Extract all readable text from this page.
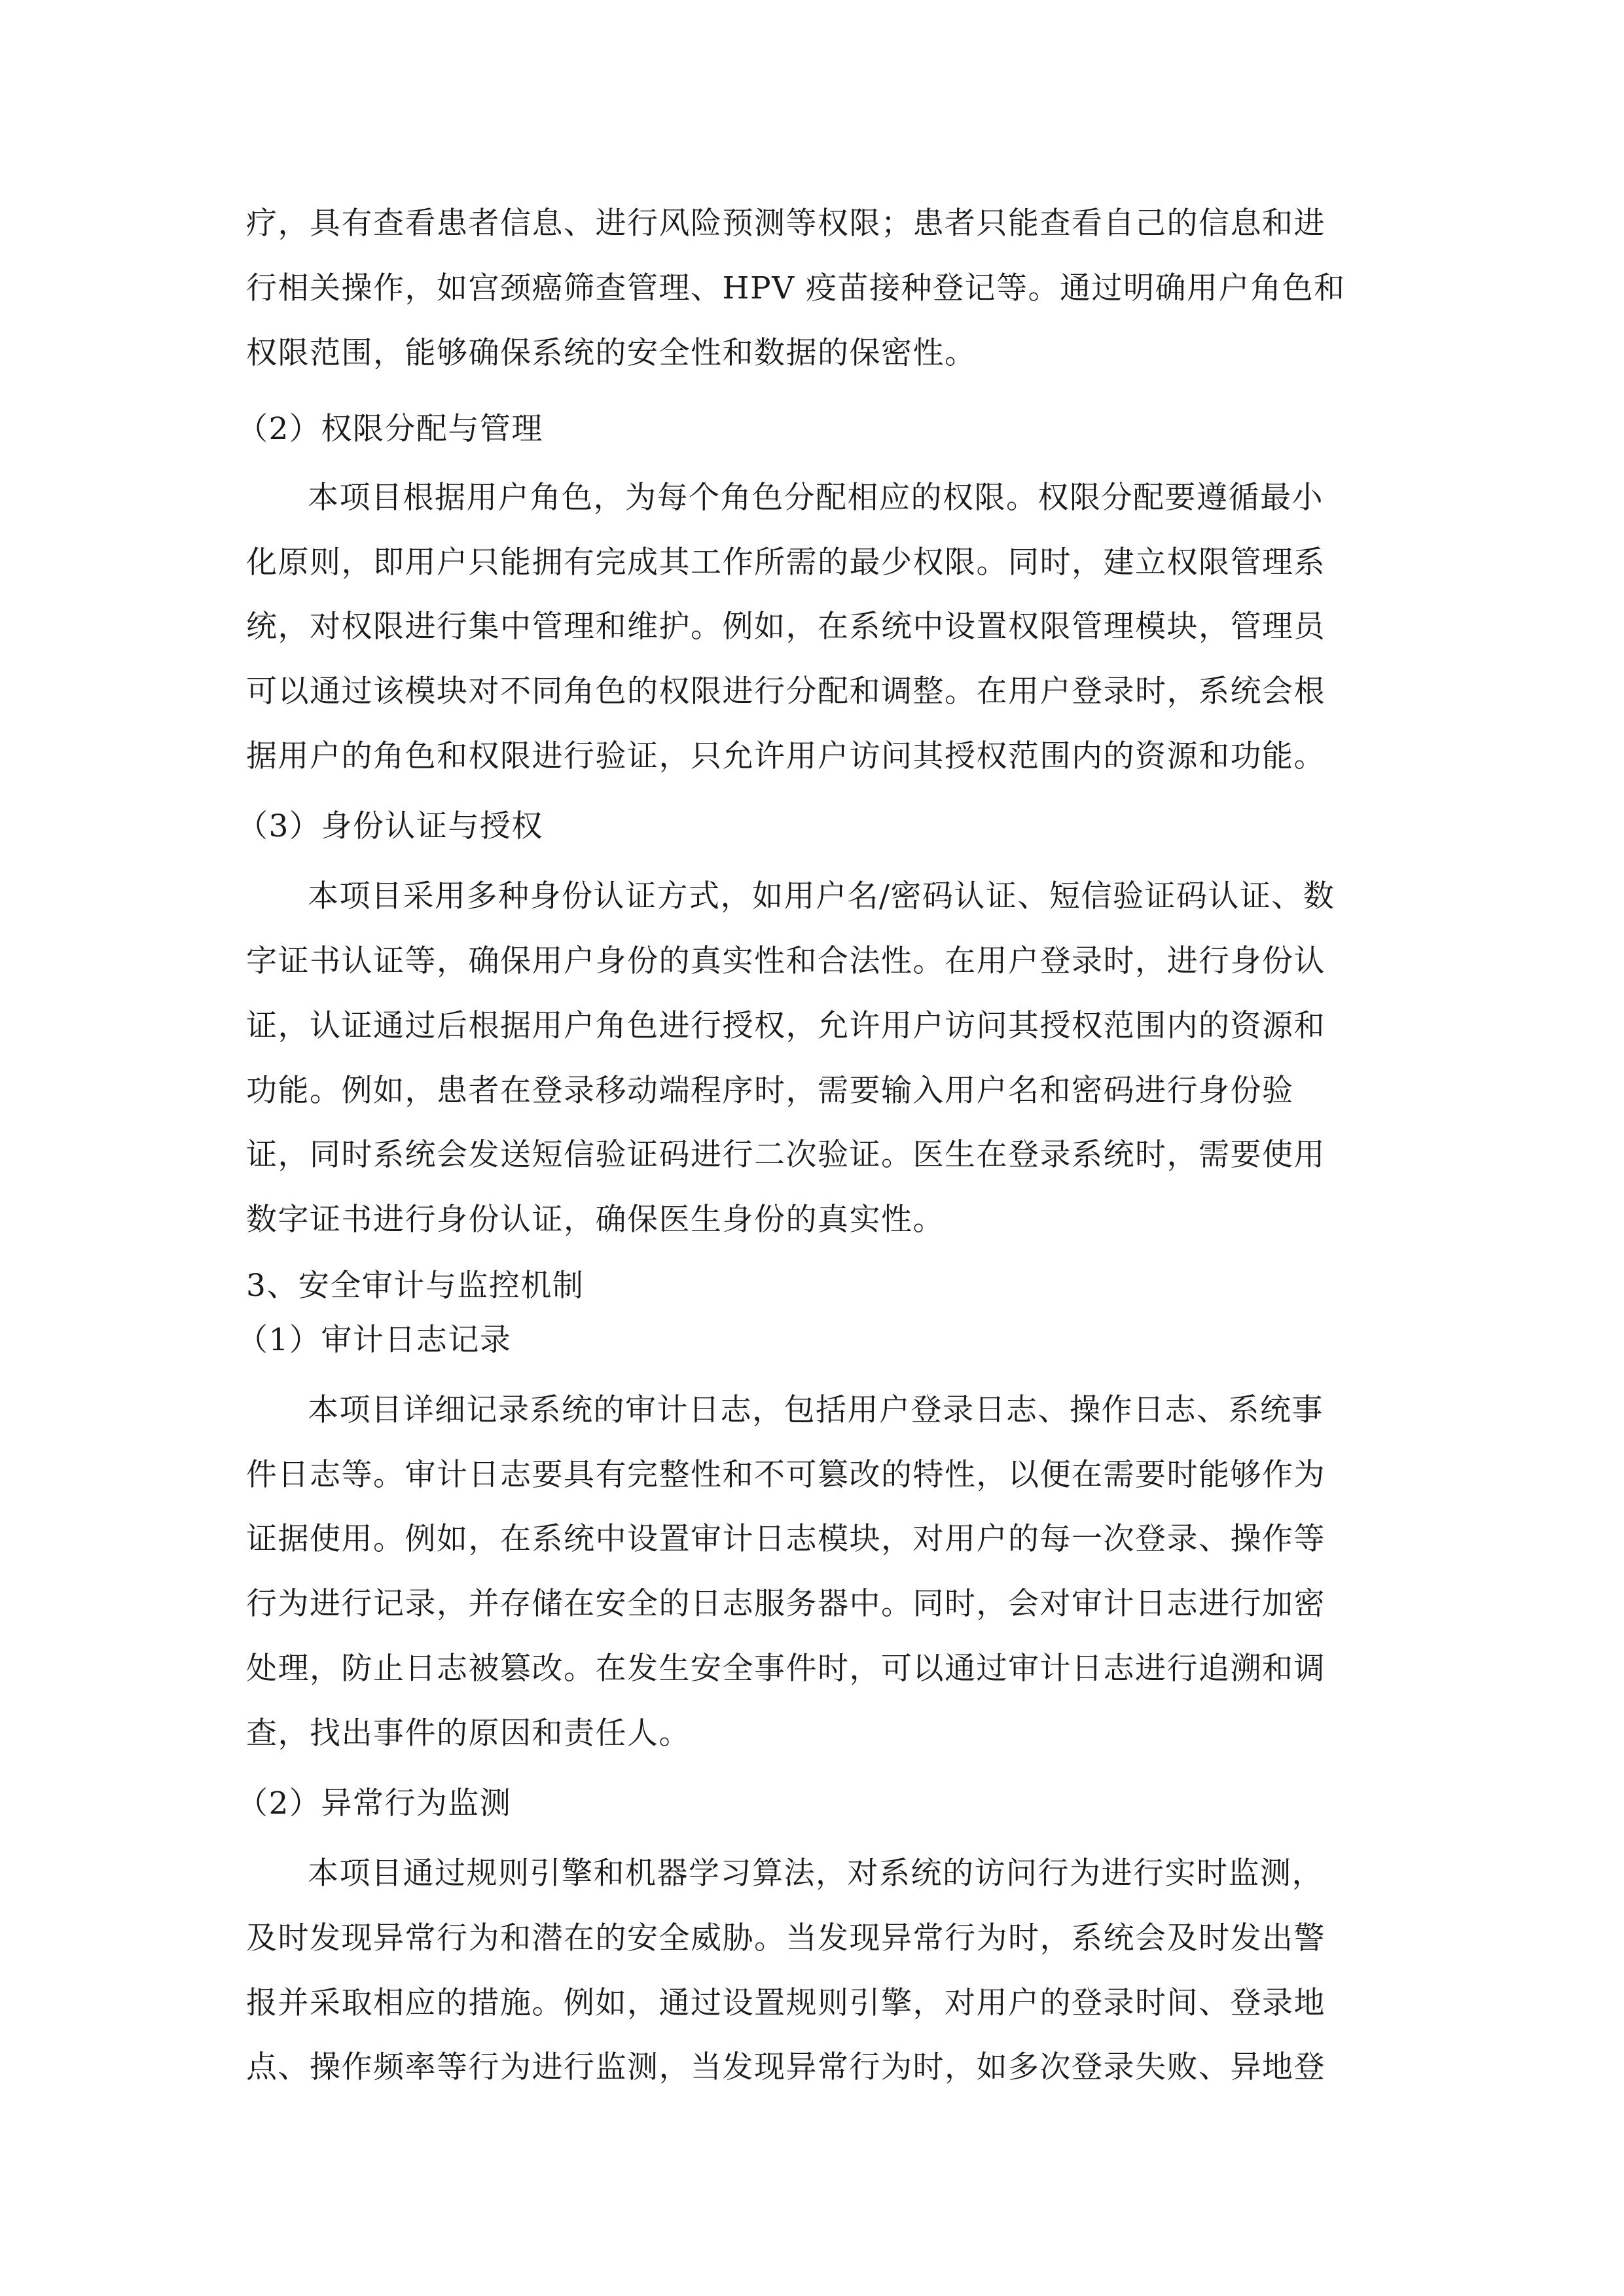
疗，具有查看患者信息、进行风险预测等权限；患者只能查看自己的信息和进
行相关操作，如宫颈癌筛查管理、HPV 疫苗接种登记等。通过明确用户角色和
权限范围，能够确保系统的安全性和数据的保密性。
（2）权限分配与管理
本项目根据用户角色，为每个角色分配相应的权限。权限分配要遵循最小
化原则，即用户只能拥有完成其工作所需的最少权限。同时，建立权限管理系
统，对权限进行集中管理和维护。例如，在系统中设置权限管理模块，管理员
可以通过该模块对不同角色的权限进行分配和调整。在用户登录时，系统会根
据用户的角色和权限进行验证，只允许用户访问其授权范围内的资源和功能。
（3）身份认证与授权
本项目采用多种身份认证方式，如用户名/密码认证、短信验证码认证、数
字证书认证等，确保用户身份的真实性和合法性。在用户登录时，进行身份认
证，认证通过后根据用户角色进行授权，允许用户访问其授权范围内的资源和
功能。例如，患者在登录移动端程序时，需要输入用户名和密码进行身份验
证，同时系统会发送短信验证码进行二次验证。医生在登录系统时，需要使用
数字证书进行身份认证，确保医生身份的真实性。
3、安全审计与监控机制
（1）审计日志记录
本项目详细记录系统的审计日志，包括用户登录日志、操作日志、系统事
件日志等。审计日志要具有完整性和不可篡改的特性，以便在需要时能够作为
证据使用。例如，在系统中设置审计日志模块，对用户的每一次登录、操作等
行为进行记录，并存储在安全的日志服务器中。同时，会对审计日志进行加密
处理，防止日志被篡改。在发生安全事件时，可以通过审计日志进行追溯和调
查，找出事件的原因和责任人。
（2）异常行为监测
本项目通过规则引擎和机器学习算法，对系统的访问行为进行实时监测，
及时发现异常行为和潜在的安全威胁。当发现异常行为时，系统会及时发出警
报并采取相应的措施。例如，通过设置规则引擎，对用户的登录时间、登录地
点、操作频率等行为进行监测，当发现异常行为时，如多次登录失败、异地登
